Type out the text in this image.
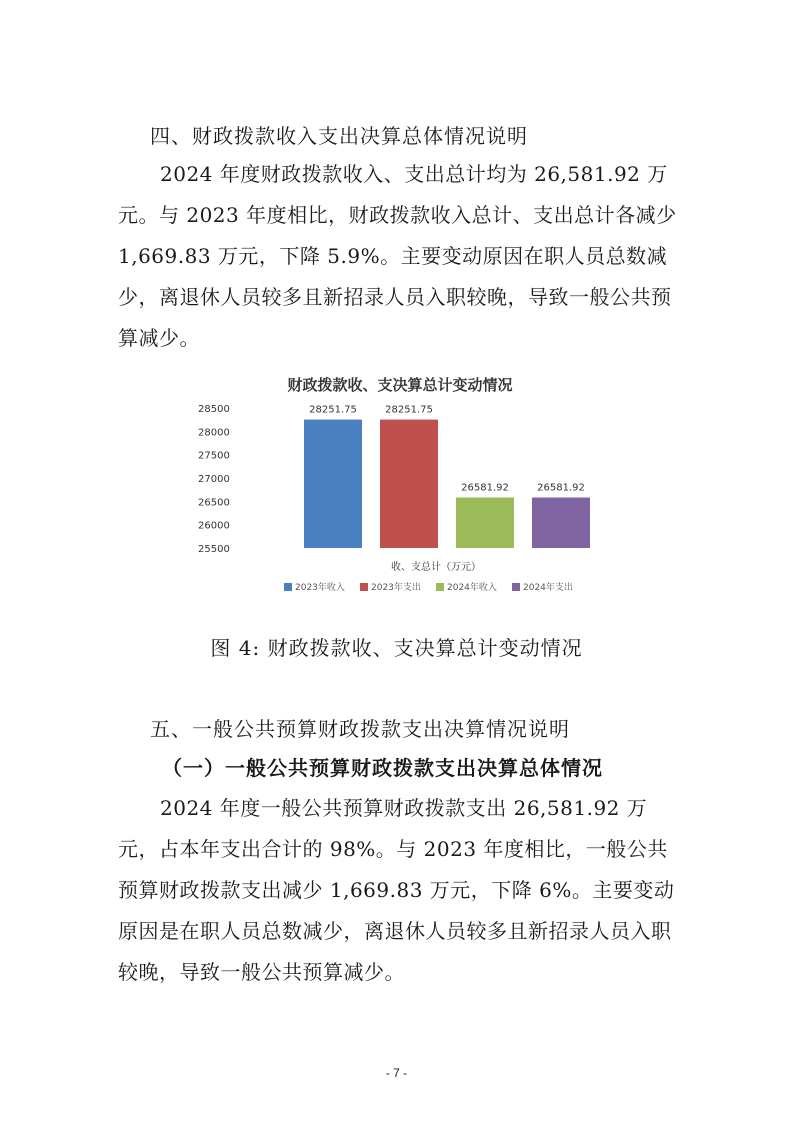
四、财政拨款收入支出决算总体情况说明

2024 年度财政拨款收入、支出总计均为 26,581.92 万元。与 2023 年度相比，财政拨款收入总计、支出总计各减少 1,669.83 万元，下降 5.9%。主要变动原因在职人员总数减少，离退休人员较多且新招录人员入职较晚，导致一般公共预算减少。

财政拨款收、支决算总计变动情况
28500
28000
27500
27000
26500
26000
25500
28251.75	28251.75
26581.92	26581.92
收、支总计（万元）
2023年收入	2023年支出	2024年收入	2024年支出

图 4: 财政拨款收、支决算总计变动情况

五、一般公共预算财政拨款支出决算情况说明
（一）一般公共预算财政拨款支出决算总体情况

2024 年度一般公共预算财政拨款支出 26,581.92 万元，占本年支出合计的 98%。与 2023 年度相比，一般公共预算财政拨款支出减少 1,669.83 万元，下降 6%。主要变动原因是在职人员总数减少，离退休人员较多且新招录人员入职较晚，导致一般公共预算减少。

- 7 -
